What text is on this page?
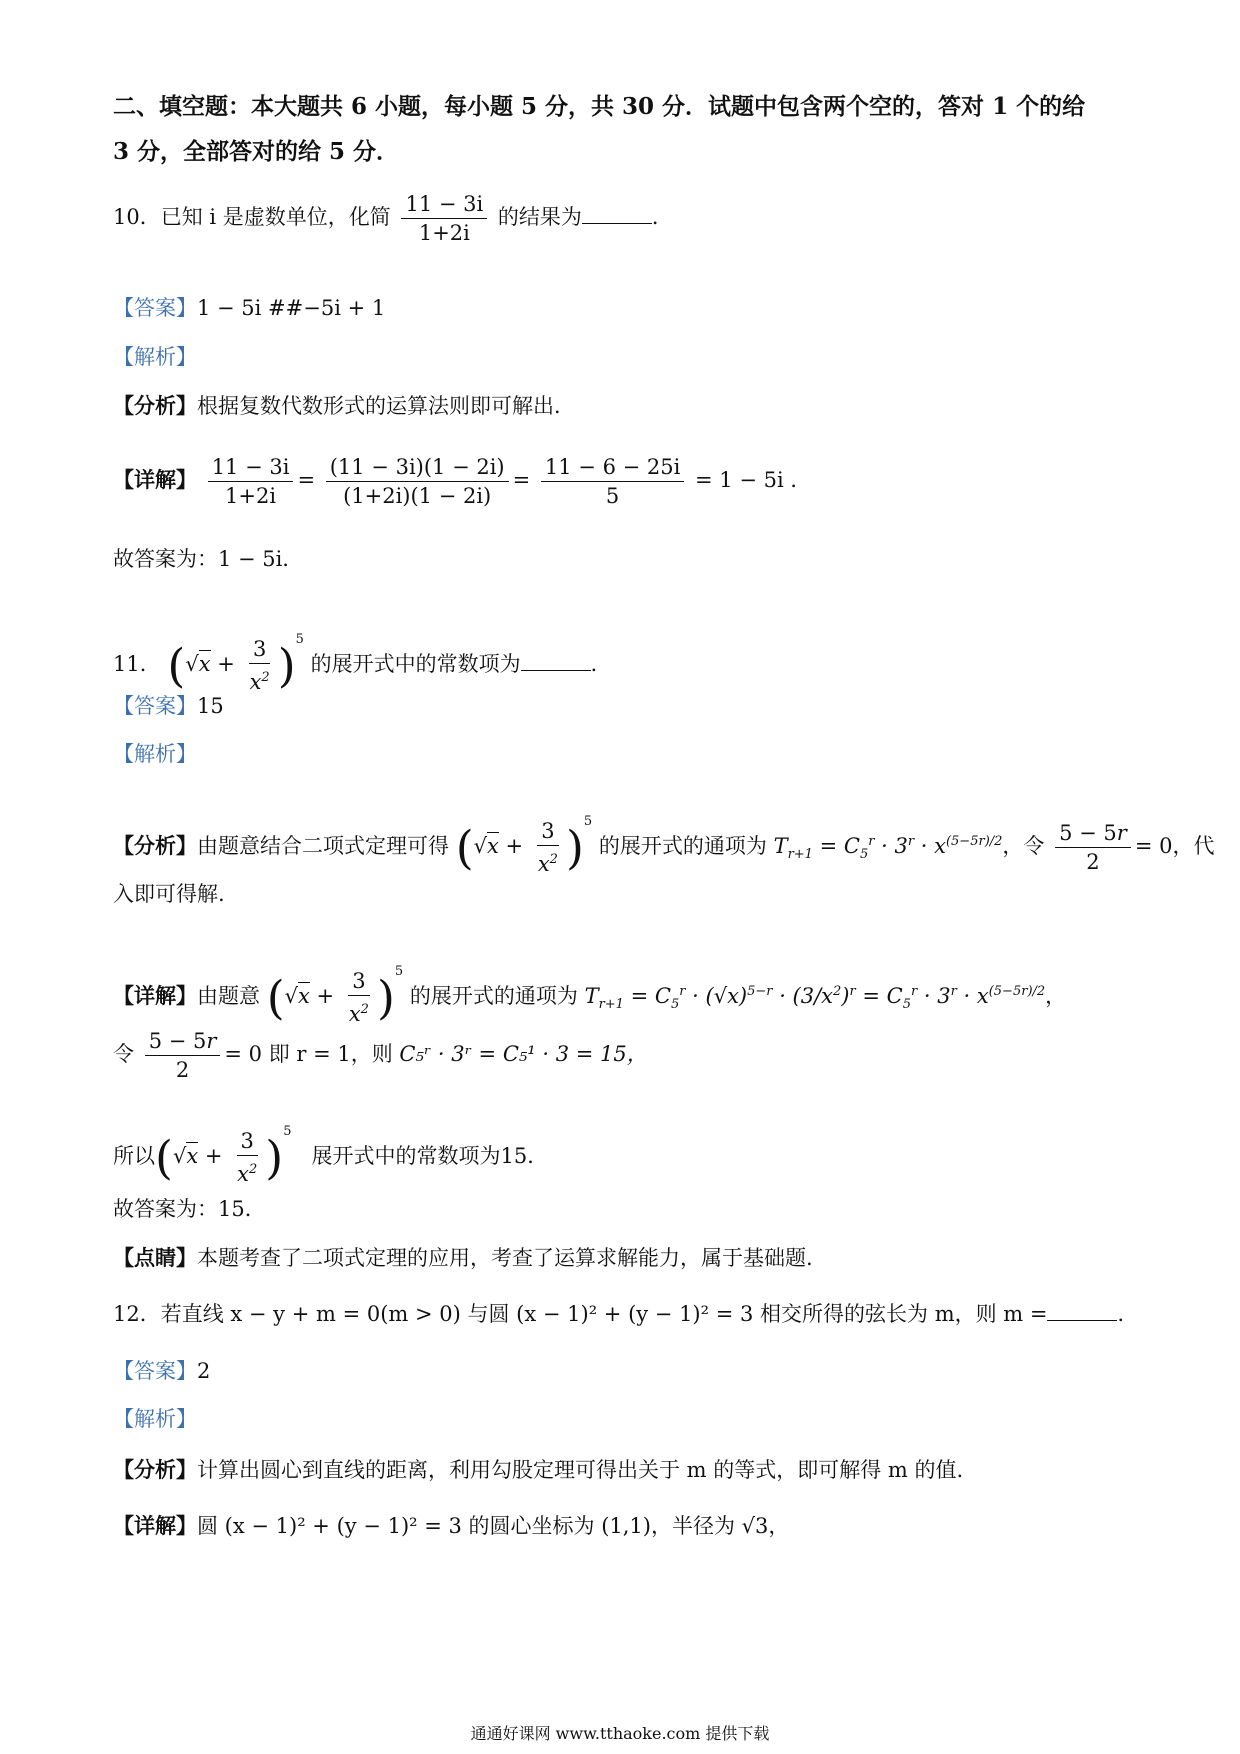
二、填空题：本大题共 6 小题，每小题 5 分，共 30 分．试题中包含两个空的，答对 1 个的给
3 分，全部答对的给 5 分．
10．已知 i 是虚数单位，化简 $\frac{11 - 3i}{1+2i}$ 的结果为	．
【答案】1 − 5i ##−5i + 1
【解析】
【分析】根据复数代数形式的运算法则即可解出．
【详解】 $\frac{11 - 3i}{1+2i} = \frac{(11 - 3i)(1 - 2i)}{(1+2i)(1 - 2i)} = \frac{11 - 6 - 25i}{5} = 1 - 5i$ ．
故答案为：1 − 5i．
11． $(√x + \frac{3}{x^2} )^5$ 的展开式中的常数项为	．
【答案】15
【解析】
【分析】由题意结合二项式定理可得 $(√x + \frac{3}{x^2} )^5$ 的展开式的通项为 $T_{r+1} = C_5^r \cdot 3^r \cdot x^{(5-5r)/2}$，令 $\frac{5 - 5r}{2} = 0$，代
入即可得解.
【详解】由题意 $(√x + \frac{3}{x^2} )^5$ 的展开式的通项为 $T_{r+1} = C_5^r \cdot (√x)^{5-r} \cdot (3/x^2)^r = C_5^r \cdot 3^r \cdot x^{(5-5r)/2}$，
令 $\frac{5 - 5r}{2} = 0$ 即 r = 1，则 C₅ʳ · 3ʳ = C₅¹ · 3 = 15，
所以$(√x + \frac{3}{x^2} )^5$   展开式中的常数项为15．
故答案为：15．
【点睛】本题考查了二项式定理的应用，考查了运算求解能力，属于基础题.
12．若直线 x − y + m = 0(m > 0) 与圆 (x − 1)² + (y − 1)² = 3 相交所得的弦长为 m，则 m =	．
【答案】2
【解析】
【分析】计算出圆心到直线的距离，利用勾股定理可得出关于 m 的等式，即可解得 m 的值.
【详解】圆 (x − 1)² + (y − 1)² = 3 的圆心坐标为 (1,1)，半径为 √3，
通通好课网 www.tthaoke.com 提供下载
